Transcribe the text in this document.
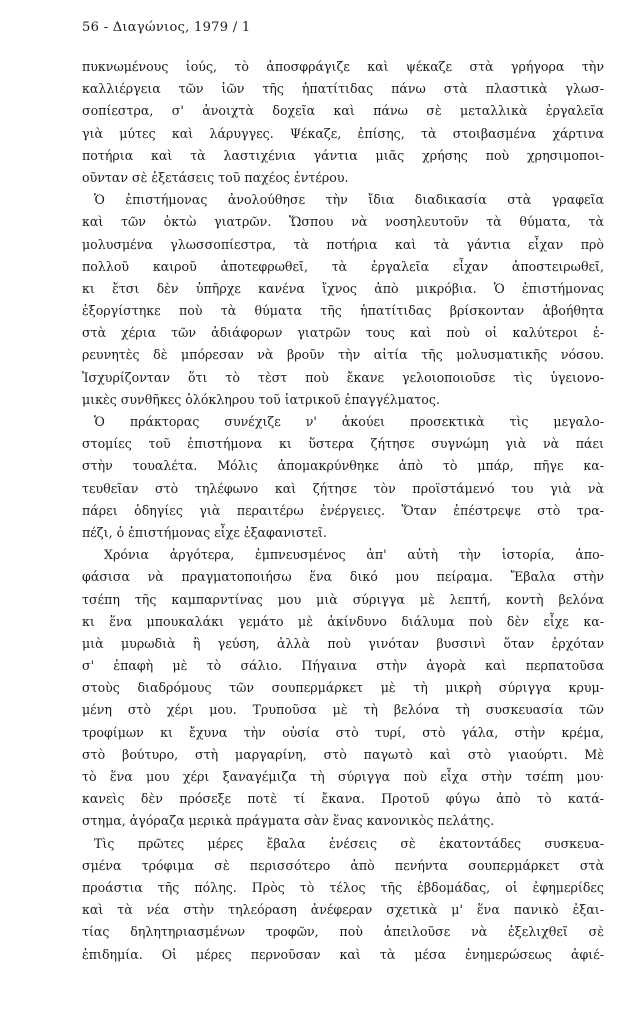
56 - Διαγώνιος, 1979 / 1
πυκνωμένους ἰούς, τὸ ἀποσφράγιζε καὶ ψέκαζε στὰ γρήγορα τὴν
καλλιέργεια τῶν ἰῶν τῆς ἡπατίτιδας πάνω στὰ πλαστικὰ γλωσ-
σοπίεστρα, σ' ἀνοιχτὰ δοχεῖα καὶ πάνω σὲ μεταλλικὰ ἐργαλεῖα
γιὰ μύτες καὶ λάρυγγες. Ψέκαζε, ἐπίσης, τὰ στοιβασμένα χάρτινα
ποτήρια καὶ τὰ λαστιχένια γάντια μιᾶς χρήσης ποὺ χρησιμοποι-
οῦνταν σὲ ἐξετάσεις τοῦ παχέος ἐντέρου.
Ὁ ἐπιστήμονας ἀνολούθησε τὴν ἴδια διαδικασία στὰ γραφεῖα
καὶ τῶν ὀκτὼ γιατρῶν. Ὥσπου νὰ νοσηλευτοῦν τὰ θύματα, τὰ
μολυσμένα γλωσσοπίεστρα, τὰ ποτήρια καὶ τὰ γάντια εἶχαν πρὸ
πολλοῦ καιροῦ ἀποτεφρωθεῖ, τὰ ἐργαλεῖα εἶχαν ἀποστειρωθεῖ,
κι ἔτσι δὲν ὑπῆρχε κανένα ἴχνος ἀπὸ μικρόβια. Ὁ ἐπιστήμονας
ἐξοργίστηκε ποὺ τὰ θύματα τῆς ἡπατίτιδας βρίσκονταν ἀβοήθητα
στὰ χέρια τῶν ἀδιάφορων γιατρῶν τους καὶ ποὺ οἱ καλύτεροι ἐ-
ρευνητὲς δὲ μπόρεσαν νὰ βροῦν τὴν αἰτία τῆς μολυσματικῆς νόσου.
Ἰσχυρίζονταν ὅτι τὸ τὲστ ποὺ ἔκανε γελοιοποιοῦσε τὶς ὑγειονο-
μικὲς συνθῆκες ὁλόκληρου τοῦ ἰατρικοῦ ἐπαγγέλματος.
Ὁ πράκτορας συνέχιζε ν' ἀκούει προσεκτικὰ τὶς μεγαλο-
στομίες τοῦ ἐπιστήμονα κι ὕστερα ζήτησε συγνώμη γιὰ νὰ πάει
στὴν τουαλέτα. Μόλις ἀπομακρύνθηκε ἀπὸ τὸ μπάρ, πῆγε κα-
τευθεῖαν στὸ τηλέφωνο καὶ ζήτησε τὸν προϊστάμενό του γιὰ νὰ
πάρει ὁδηγίες γιὰ περαιτέρω ἐνέργειες. Ὅταν ἐπέστρεψε στὸ τρα-
πέζι, ὁ ἐπιστήμονας εἶχε ἐξαφανιστεῖ.
Χρόνια ἀργότερα, ἐμπνευσμένος ἀπ' αὐτὴ τὴν ἱστορία, ἀπο-
φάσισα νὰ πραγματοποιήσω ἕνα δικό μου πείραμα. Ἔβαλα στὴν
τσέπη τῆς καμπαρντίνας μου μιὰ σύριγγα μὲ λεπτή, κοντὴ βελόνα
κι ἕνα μπουκαλάκι γεμάτο μὲ ἀκίνδυνο διάλυμα ποὺ δὲν εἶχε κα-
μιὰ μυρωδιὰ ἢ γεύση, ἀλλὰ ποὺ γινόταν βυσσινὶ ὅταν ἐρχόταν
σ' ἐπαφὴ μὲ τὸ σάλιο. Πήγαινα στὴν ἀγορὰ καὶ περπατοῦσα
στοὺς διαδρόμους τῶν σουπερμάρκετ μὲ τὴ μικρὴ σύριγγα κρυμ-
μένη στὸ χέρι μου. Τρυποῦσα μὲ τὴ βελόνα τὴ συσκευασία τῶν
τροφίμων κι ἔχυνα τὴν οὐσία στὸ τυρί, στὸ γάλα, στὴν κρέμα,
στὸ βούτυρο, στὴ μαργαρίνη, στὸ παγωτὸ καὶ στὸ γιαούρτι. Μὲ
τὸ ἕνα μου χέρι ξαναγέμιζα τὴ σύριγγα ποὺ εἶχα στὴν τσέπη μου·
κανεὶς δὲν πρόσεξε ποτὲ τί ἔκανα. Προτοῦ φύγω ἀπὸ τὸ κατά-
στημα, ἀγόραζα μερικὰ πράγματα σὰν ἕνας κανονικὸς πελάτης.
Τὶς πρῶτες μέρες ἔβαλα ἐνέσεις σὲ ἑκατοντάδες συσκευα-
σμένα τρόφιμα σὲ περισσότερο ἀπὸ πενήντα σουπερμάρκετ στὰ
προάστια τῆς πόλης. Πρὸς τὸ τέλος τῆς ἑβδομάδας, οἱ ἐφημερίδες
καὶ τὰ νέα στὴν τηλεόραση ἀνέφεραν σχετικὰ μ' ἕνα πανικὸ ἐξαι-
τίας δηλητηριασμένων τροφῶν, ποὺ ἀπειλοῦσε νὰ ἐξελιχθεῖ σὲ
ἐπιδημία. Οἱ μέρες περνοῦσαν καὶ τὰ μέσα ἐνημερώσεως ἀφιέ-
